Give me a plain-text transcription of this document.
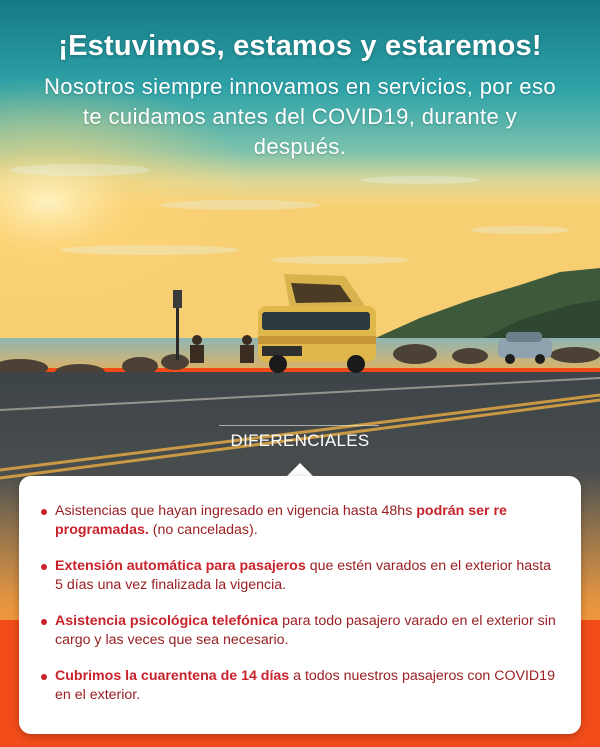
¡Estuvimos, estamos y estaremos!
Nosotros siempre innovamos en servicios, por eso te cuidamos antes del COVID19, durante y después.
DIFERENCIALES
Asistencias que hayan ingresado en vigencia hasta 48hs podrán ser re programadas. (no canceladas).
Extensión automática para pasajeros que estén varados en el exterior hasta 5 días una vez finalizada la vigencia.
Asistencia psicológica telefónica para todo pasajero varado en el exterior sin cargo y las veces que sea necesario.
Cubrimos la cuarentena de 14 días a todos nuestros pasajeros con COVID19 en el exterior.
